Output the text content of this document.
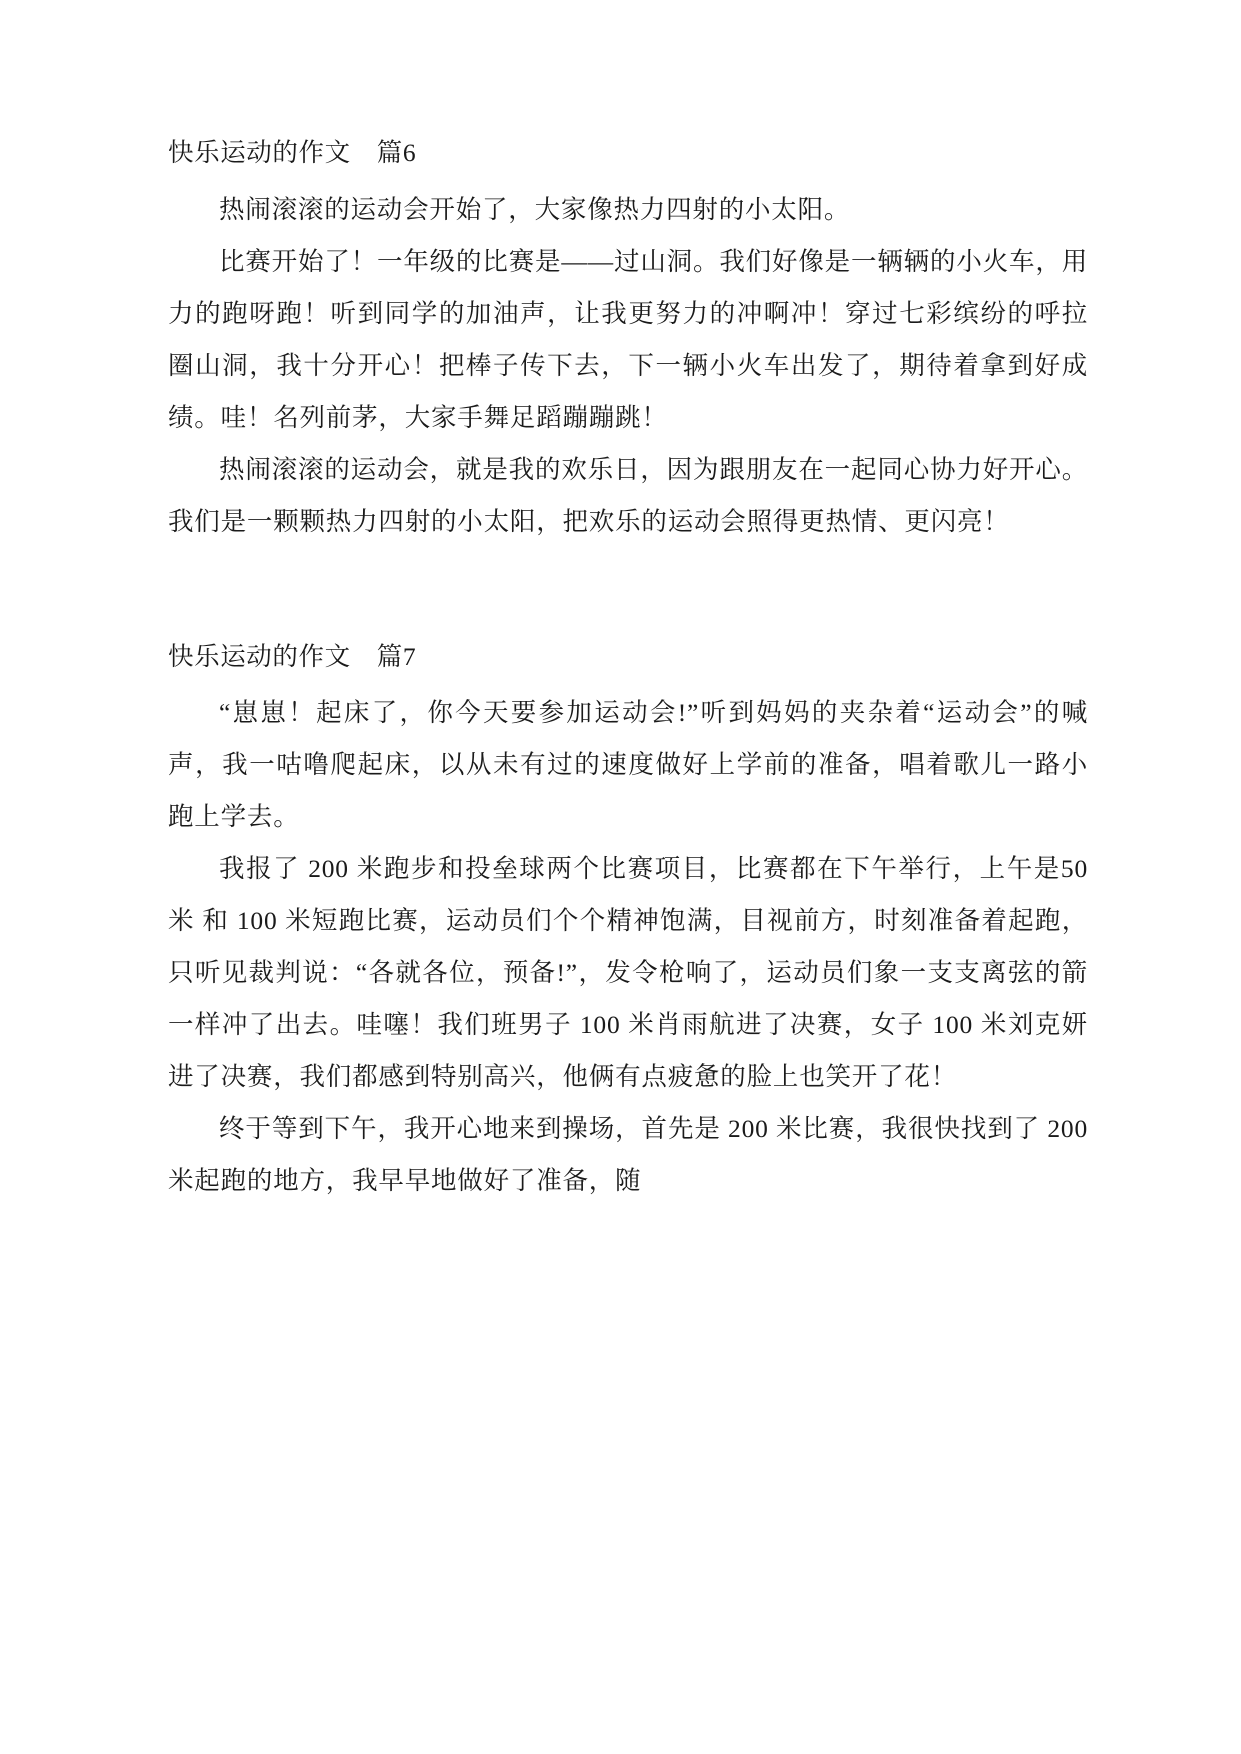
快乐运动的作文　篇6

热闹滚滚的运动会开始了，大家像热力四射的小太阳。

比赛开始了！一年级的比赛是——过山洞。我们好像是一辆辆的小火车，用力的跑呀跑！听到同学的加油声，让我更努力的冲啊冲！穿过七彩缤纷的呼拉圈山洞，我十分开心！把棒子传下去，下一辆小火车出发了，期待着拿到好成绩。哇！名列前茅，大家手舞足蹈蹦蹦跳！

热闹滚滚的运动会，就是我的欢乐日，因为跟朋友在一起同心协力好开心。我们是一颗颗热力四射的小太阳，把欢乐的运动会照得更热情、更闪亮！

快乐运动的作文　篇7

“崽崽！起床了，你今天要参加运动会!”听到妈妈的夹杂着“运动会”的喊声，我一咕噜爬起床，以从未有过的速度做好上学前的准备，唱着歌儿一路小跑上学去。

我报了 200 米跑步和投垒球两个比赛项目，比赛都在下午举行，上午是50 米 和 100 米短跑比赛，运动员们个个精神饱满，目视前方，时刻准备着起跑，只听见裁判说：“各就各位，预备!”，发令枪响了，运动员们象一支支离弦的箭一样冲了出去。哇噻！我们班男子 100 米肖雨航进了决赛，女子 100 米刘克妍进了决赛，我们都感到特别高兴，他俩有点疲惫的脸上也笑开了花！

终于等到下午，我开心地来到操场，首先是 200 米比赛，我很快找到了 200 米起跑的地方，我早早地做好了准备，随
